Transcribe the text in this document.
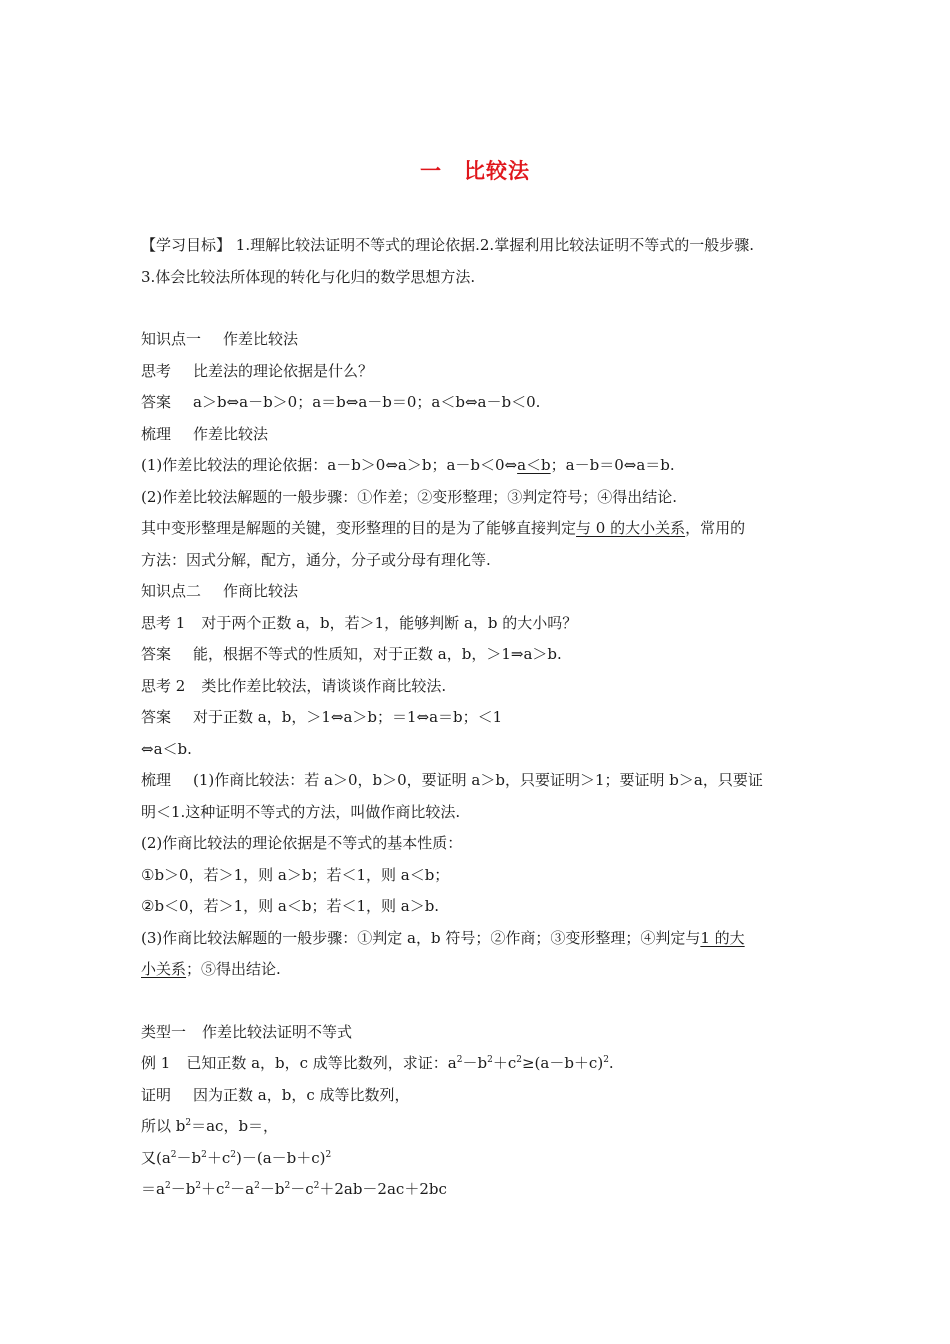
一 比较法
【学习目标】 1.理解比较法证明不等式的理论依据.2.掌握利用比较法证明不等式的一般步骤.
3.体会比较法所体现的转化与化归的数学思想方法.
知识点一 作差比较法
思考 比差法的理论依据是什么？
答案 a＞b⇔a－b＞0；a＝b⇔a－b＝0；a＜b⇔a－b＜0.
梳理 作差比较法
(1)作差比较法的理论依据：a－b＞0⇔a＞b；a－b＜0⇔a＜b；a－b＝0⇔a＝b.
(2)作差比较法解题的一般步骤：①作差；②变形整理；③判定符号；④得出结论.
其中变形整理是解题的关键，变形整理的目的是为了能够直接判定与 0 的大小关系，常用的
方法：因式分解，配方，通分，分子或分母有理化等.
知识点二 作商比较法
思考 1 对于两个正数 a，b，若＞1，能够判断 a，b 的大小吗？
答案 能，根据不等式的性质知，对于正数 a，b，＞1⇒a＞b.
思考 2 类比作差比较法，请谈谈作商比较法.
答案 对于正数 a，b，＞1⇔a＞b；＝1⇔a＝b；＜1
⇔a＜b.
梳理 (1)作商比较法：若 a＞0，b＞0，要证明 a＞b，只要证明＞1；要证明 b＞a，只要证
明＜1.这种证明不等式的方法，叫做作商比较法.
(2)作商比较法的理论依据是不等式的基本性质：
①b＞0，若＞1，则 a＞b；若＜1，则 a＜b；
②b＜0，若＞1，则 a＜b；若＜1，则 a＞b.
(3)作商比较法解题的一般步骤：①判定 a，b 符号；②作商；③变形整理；④判定与1 的大
小关系；⑤得出结论.
类型一 作差比较法证明不等式
例 1 已知正数 a，b，c 成等比数列，求证：$a^2-b^2+c^2\ge(a-b+c)^2$.
证明 因为正数 a，b，c 成等比数列，
所以 $b^2=ac$，b＝，
又$(a^2-b^2+c^2)-(a-b+c)^2$
$=a^2-b^2+c^2-a^2-b^2-c^2+2ab-2ac+2bc$
